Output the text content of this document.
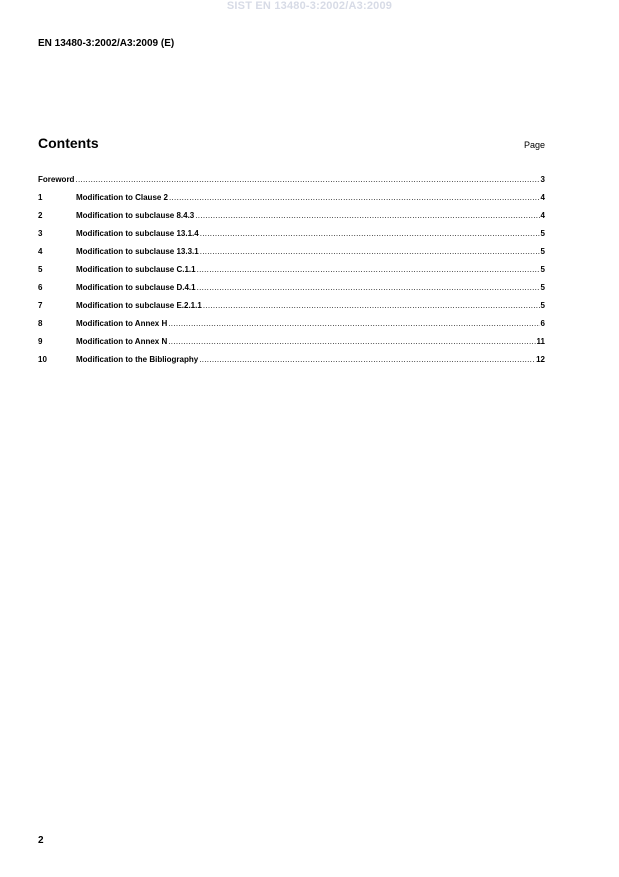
SIST EN 13480-3:2002/A3:2009
EN 13480-3:2002/A3:2009 (E)
Contents	Page
Foreword .....	3
1	Modification to Clause 2 .....	4
2	Modification to subclause 8.4.3 .....	4
3	Modification to subclause 13.1.4 .....	5
4	Modification to subclause 13.3.1 .....	5
5	Modification to subclause C.1.1 .....	5
6	Modification to subclause D.4.1 .....	5
7	Modification to subclause E.2.1.1 .....	5
8	Modification to Annex H .....	6
9	Modification to Annex N .....	11
10	Modification to the Bibliography .....	12
2
